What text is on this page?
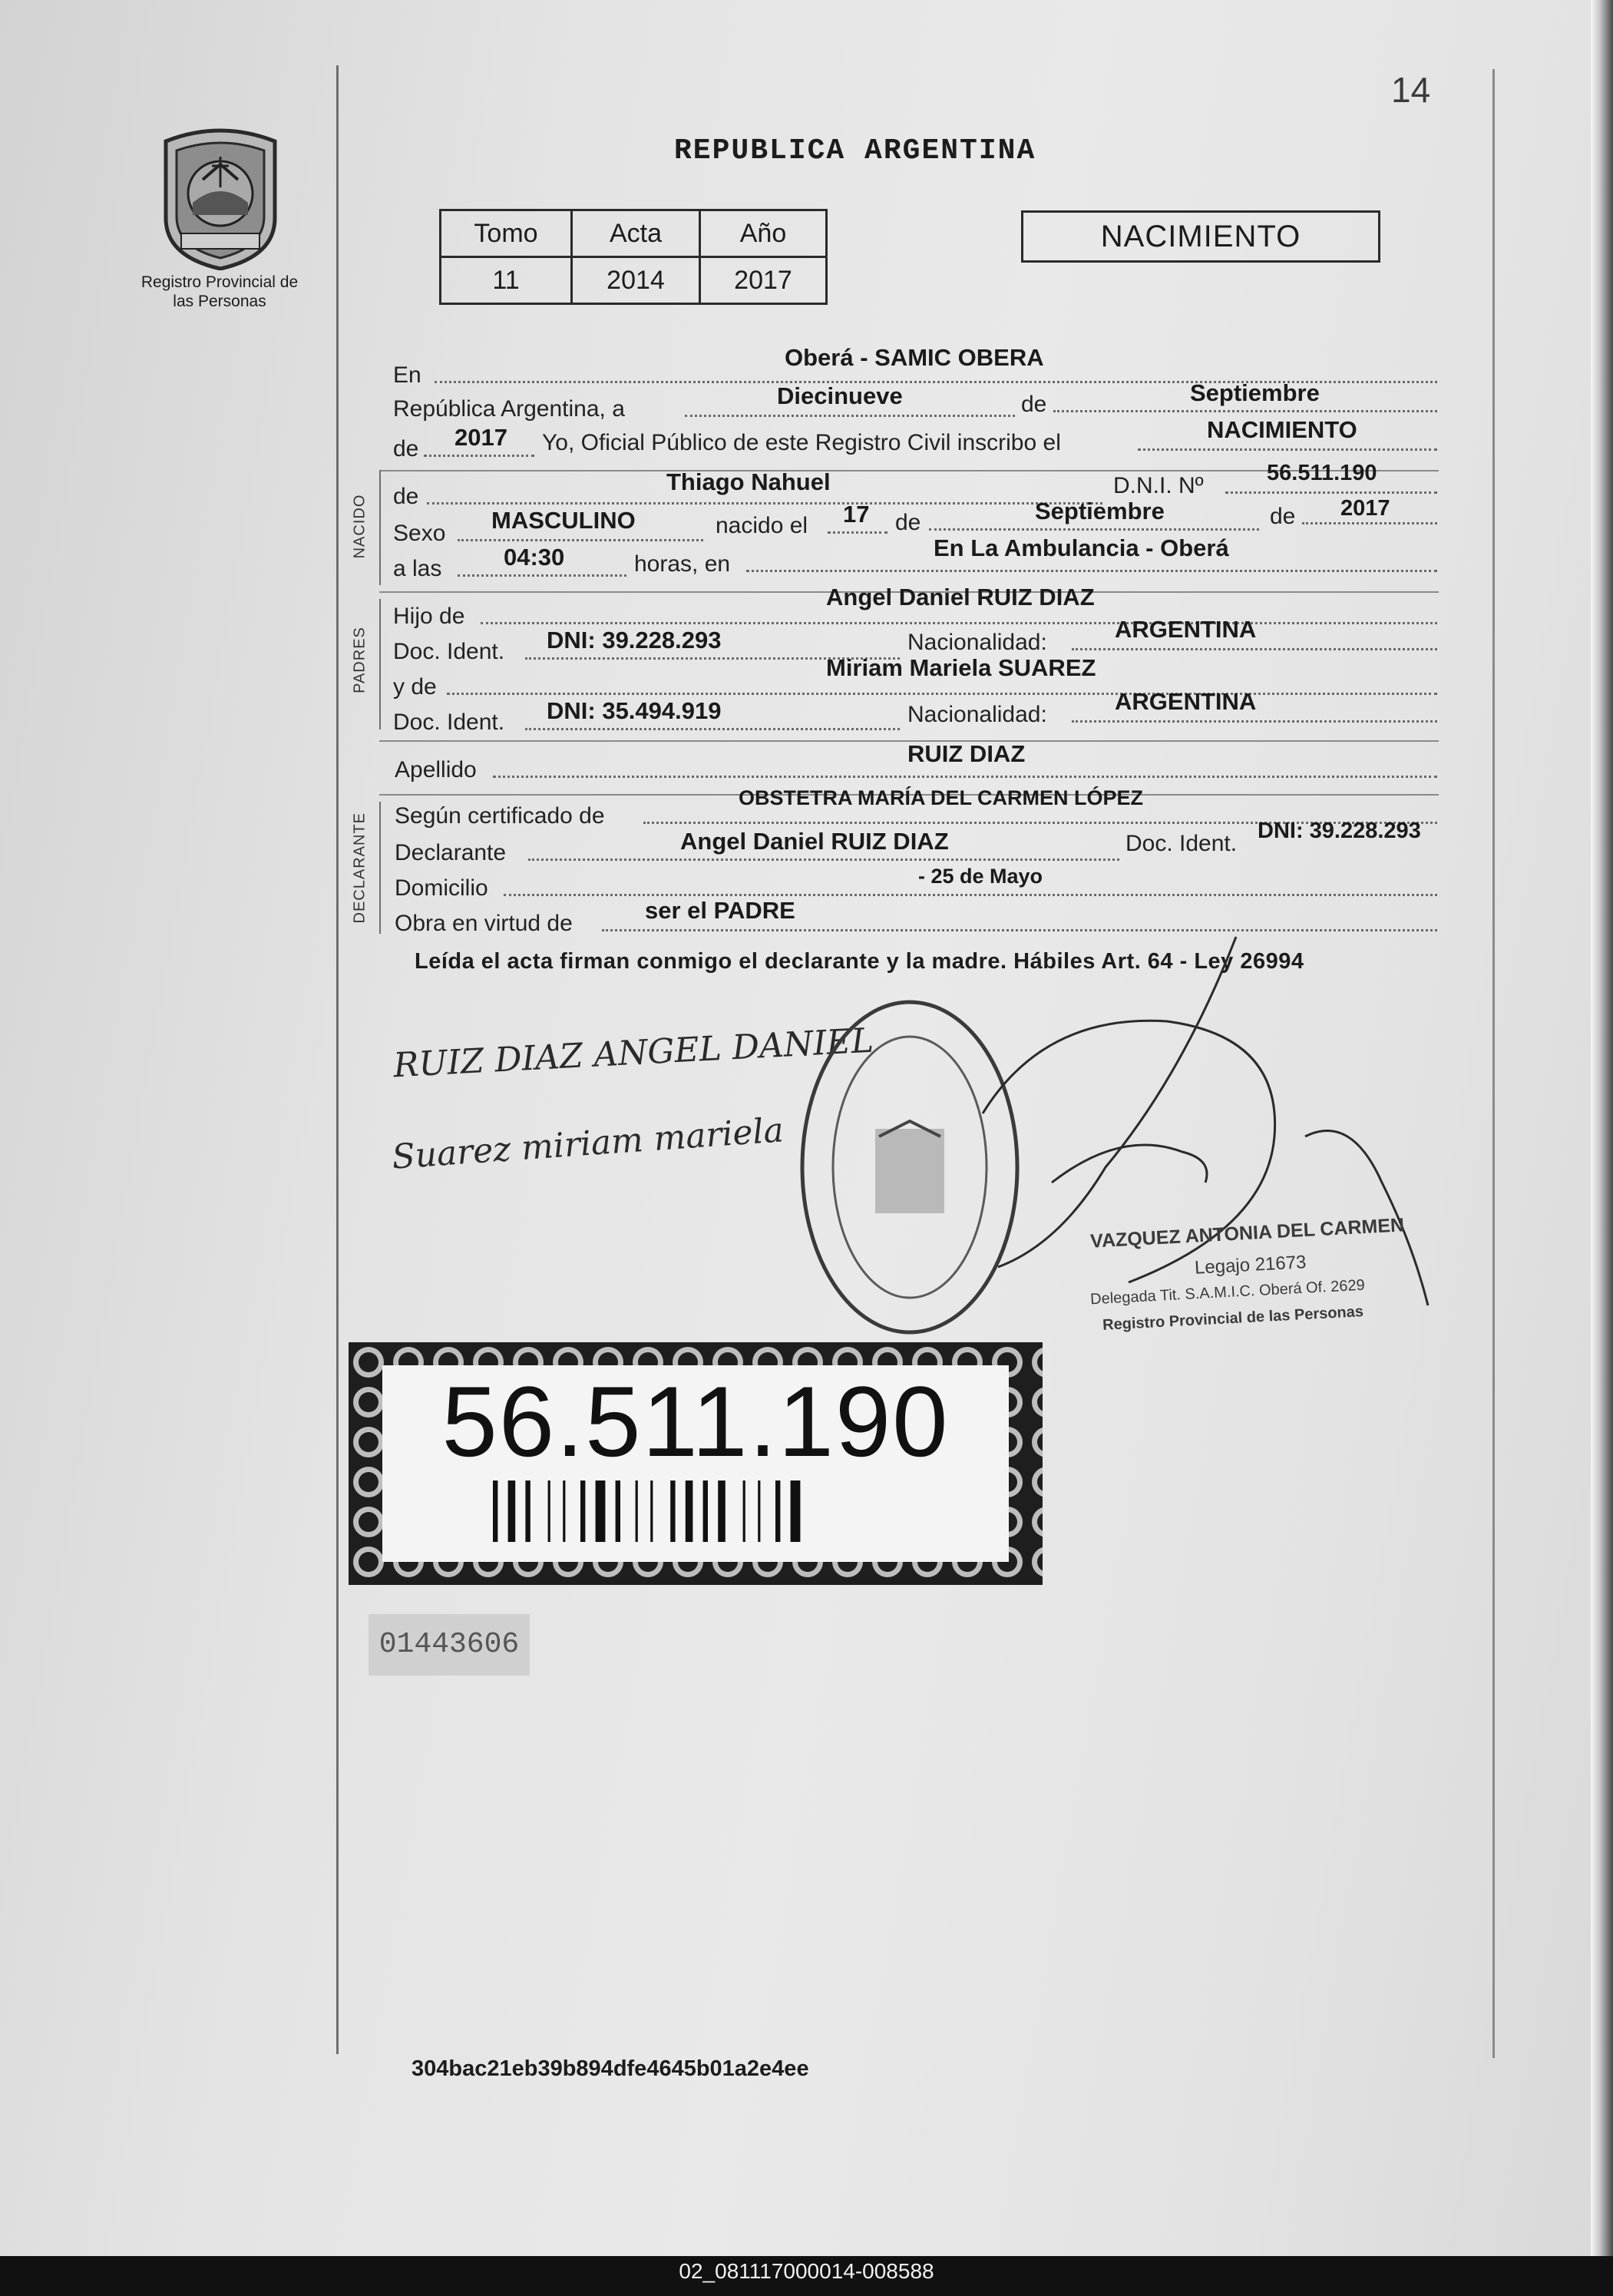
14
REPUBLICA ARGENTINA
Registro Provincial de las Personas
Tomo	Acta	Año
11	2014	2017
NACIMIENTO
En
Oberá - SAMIC OBERA
República Argentina, a	Diecinueve	de	Septiembre
de 2017 Yo, Oficial Público de este Registro Civil inscribo el	NACIMIENTO
NACIDO de
Thiago Nahuel	D.N.I. Nº	56.511.190
Sexo MASCULINO	nacido el 17 de	Septiembre	de 2017
a las	04:30	horas, en
En La Ambulancia - Oberá
PADRES
Hijo de
Angel Daniel RUIZ DIAZ
Doc. Ident. DNI: 39.228.293	Nacionalidad:	ARGENTINA
y de
Miriam Mariela SUAREZ
Doc. Ident. DNI: 35.494.919	Nacionalidad:	ARGENTINA
Apellido
RUIZ DIAZ
DECLARANTE Según certificado de
OBSTETRA MARÍA DEL CARMEN LÓPEZ
Declarante	Angel Daniel RUIZ DIAZ	Doc. Ident. DNI: 39.228.293
Domicilio	- 25 de Mayo
Obra en virtud de	ser el PADRE
Leída el acta firman conmigo el declarante y la madre. Hábiles Art. 64 - Ley 26994
RUIZ DIAZ ANGEL DANIEL
Suarez miriam mariela
VAZQUEZ ANTONIA DEL CARMEN
Legajo 21673
Delegada Tit. S.A.M.I.C. Oberá Of. 2629
Registro Provincial de las Personas
56.511.190
01443606
304bac21eb39b894dfe4645b01a2e4ee
02_081117000014-008588
